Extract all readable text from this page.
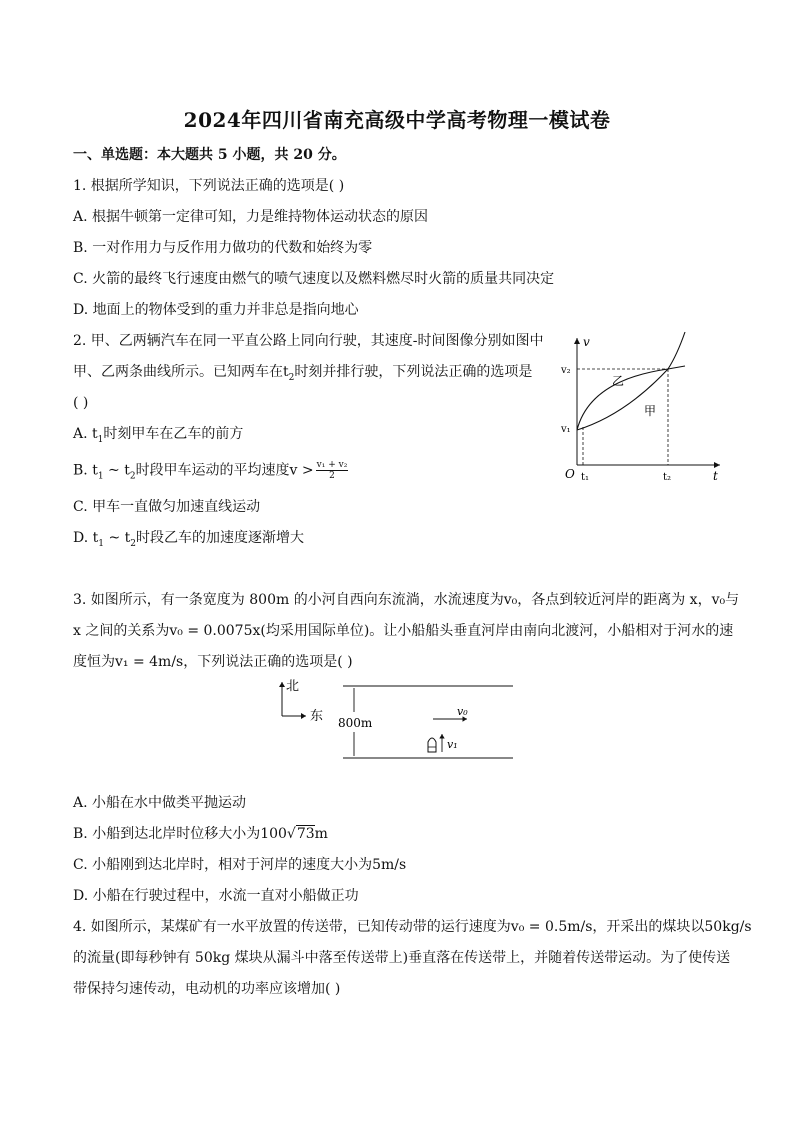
2024年四川省南充高级中学高考物理一模试卷
一、单选题：本大题共 5 小题，共 20 分。
1. 根据所学知识，下列说法正确的选项是( )
A. 根据牛顿第一定律可知，力是维持物体运动状态的原因
B. 一对作用力与反作用力做功的代数和始终为零
C. 火箭的最终飞行速度由燃气的喷气速度以及燃料燃尽时火箭的质量共同决定
D. 地面上的物体受到的重力并非总是指向地心
2. 甲、乙两辆汽车在同一平直公路上同向行驶，其速度-时间图像分别如图中
甲、乙两条曲线所示。已知两车在$t_2$时刻并排行驶，下列说法正确的选项是
( )
A. $t_1$时刻甲车在乙车的前方
B. $t_1$ ~ $t_2$时段甲车运动的平均速度$v > \frac{\text{v₁ + v₂}}{2}$
C. 甲车一直做匀加速直线运动
D. $t_1$ ~ $t_2$时段乙车的加速度逐渐增大
v
t
O
v₂
v₁
t₁	t₂
甲
乙
3. 如图所示，有一条宽度为 800m 的小河自西向东流淌，水流速度为v₀，各点到较近河岸的距离为 x，v₀与
x 之间的关系为v₀ = 0.0075x(均采用国际单位)。让小船船头垂直河岸由南向北渡河，小船相对于河水的速
度恒为v₁ = 4m/s，下列说法正确的选项是( )
北
东 800m
v₀
v₁
A. 小船在水中做类平抛运动
B. 小船到达北岸时位移大小为100√73m
C. 小船刚到达北岸时，相对于河岸的速度大小为5m/s
D. 小船在行驶过程中，水流一直对小船做正功
4. 如图所示，某煤矿有一水平放置的传送带，已知传动带的运行速度为v₀ = 0.5m/s，开采出的煤块以50kg/s
的流量(即每秒钟有 50kg 煤块从漏斗中落至传送带上)垂直落在传送带上，并随着传送带运动。为了使传送
带保持匀速传动，电动机的功率应该增加( )
